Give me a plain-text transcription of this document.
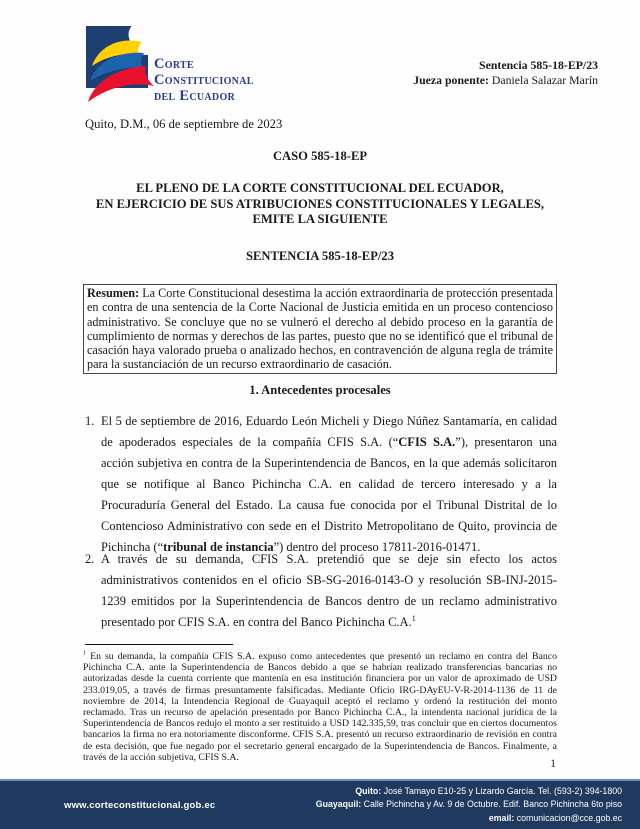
Corte
Constitucional
del Ecuador
Sentencia 585-18-EP/23
Jueza ponente: Daniela Salazar Marín
Quito, D.M., 06 de septiembre de 2023
CASO 585-18-EP
EL PLENO DE LA CORTE CONSTITUCIONAL DEL ECUADOR,
EN EJERCICIO DE SUS ATRIBUCIONES CONSTITUCIONALES Y LEGALES,
EMITE LA SIGUIENTE
SENTENCIA 585-18-EP/23
Resumen: La Corte Constitucional desestima la acción extraordinaria de protección presentada en contra de una sentencia de la Corte Nacional de Justicia emitida en un proceso contencioso administrativo. Se concluye que no se vulneró el derecho al debido proceso en la garantía de cumplimiento de normas y derechos de las partes, puesto que no se identificó que el tribunal de casación haya valorado prueba o analizado hechos, en contravención de alguna regla de trámite para la sustanciación de un recurso extraordinario de casación.
1. Antecedentes procesales
1. El 5 de septiembre de 2016, Eduardo León Micheli y Diego Núñez Santamaría, en calidad de apoderados especiales de la compañía CFIS S.A. (“CFIS S.A.”), presentaron una acción subjetiva en contra de la Superintendencia de Bancos, en la que además solicitaron que se notifique al Banco Pichincha C.A. en calidad de tercero interesado y a la Procuraduría General del Estado. La causa fue conocida por el Tribunal Distrital de lo Contencioso Administrativo con sede en el Distrito Metropolitano de Quito, provincia de Pichincha (“tribunal de instancia”) dentro del proceso 17811-2016-01471.
2. A través de su demanda, CFIS S.A. pretendió que se deje sin efecto los actos administrativos contenidos en el oficio SB-SG-2016-0143-O y resolución SB-INJ-2015-1239 emitidos por la Superintendencia de Bancos dentro de un reclamo administrativo presentado por CFIS S.A. en contra del Banco Pichincha C.A.$^1$
$^1$ En su demanda, la compañía CFIS S.A. expuso como antecedentes que presentó un reclamo en contra del Banco Pichincha C.A. ante la Superintendencia de Bancos debido a que se habrían realizado transferencias bancarias no autorizadas desde la cuenta corriente que mantenía en esa institución financiera por un valor de aproximado de USD 233.019,05, a través de firmas presuntamente falsificadas. Mediante Oficio IRG-DAyEU-V-R-2014-1136 de 11 de noviembre de 2014, la Intendencia Regional de Guayaquil aceptó el reclamo y ordenó la restitución del monto reclamado. Tras un recurso de apelación presentado por Banco Pichincha C.A., la intendenta nacional jurídica de la Superintendencia de Bancos redujo el monto a ser restituido a USD 142.335,59, tras concluir que en ciertos documentos bancarios la firma no era notoriamente disconforme. CFIS S.A. presentó un recurso extraordinario de revisión en contra de esta decisión, que fue negado por el secretario general encargado de la Superintendencia de Bancos. Finalmente, a través de la acción subjetiva, CFIS S.A.
1
www.corteconstitucional.gob.ec
Quito: José Tamayo E10-25 y Lizardo García. Tel. (593-2) 394-1800
Guayaquil: Calle Pichincha y Av. 9 de Octubre. Edif. Banco Pichincha 6to piso
email: comunicacion@cce.gob.ec
